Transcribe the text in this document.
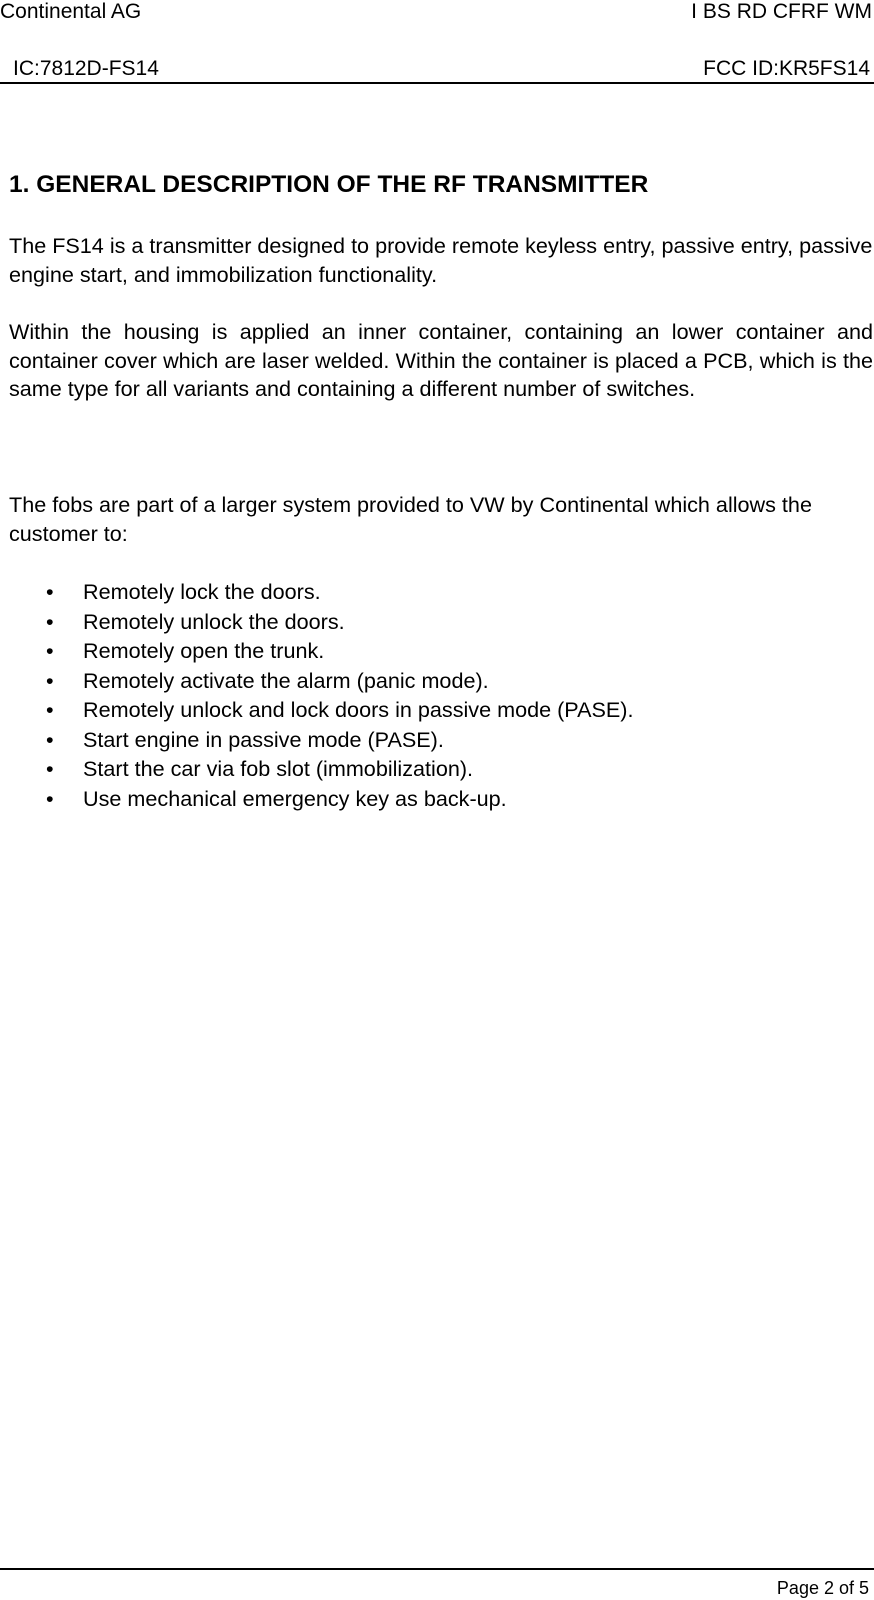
Continental AG	I BS RD CFRF WM
IC:7812D-FS14	FCC ID:KR5FS14
1. GENERAL DESCRIPTION OF THE RF TRANSMITTER

The FS14 is a transmitter designed to provide remote keyless entry, passive entry, passive engine start, and immobilization functionality.

Within the housing is applied an inner container, containing an lower container and container cover which are laser welded. Within the container is placed a PCB, which is the same type for all variants and containing a different number of switches.

The fobs are part of a larger system provided to VW by Continental which allows the customer to:

• Remotely lock the doors.
• Remotely unlock the doors.
• Remotely open the trunk.
• Remotely activate the alarm (panic mode).
• Remotely unlock and lock doors in passive mode (PASE).
• Start engine in passive mode (PASE).
• Start the car via fob slot (immobilization).
• Use mechanical emergency key as back-up.
Page 2 of 5
